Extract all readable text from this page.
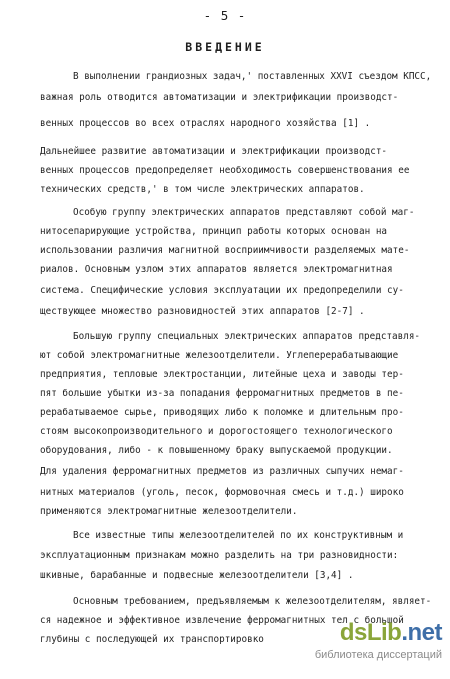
- 5 -
ВВЕДЕНИЕ
В выполнении грандиозных задач,' поставленных XXVI съездом КПСС,
важная роль отводится автоматизации и электрификации производст-
венных процессов во всех отраслях народного хозяйства [1] .
Дальнейшее развитие автоматизации и электрификации производст-
венных процессов предопределяет необходимость совершенствования ее
технических средств,' в том числе электрических аппаратов.
Особую группу электрических аппаратов представляют собой маг-
нитосепарирующие устройства, принцип работы которых основан на
использовании различия магнитной восприимчивости разделяемых мате-
риалов. Основным узлом этих аппаратов является электромагнитная
система. Специфические условия эксплуатации их предопределили су-
ществующее множество разновидностей этих аппаратов [2-7] .
Большую группу специальных электрических аппаратов представля-
ют собой электромагнитные железоотделители. Углеперерабатывающие
предприятия, тепловые электростанции, литейные цеха и заводы тер-
пят большие убытки из-за попадания ферромагнитных предметов в пе-
рерабатываемое сырье, приводящих либо к поломке и длительным про-
стоям высокопроизводительного и дорогостоящего технологического
оборудования, либо - к повышенному браку выпускаемой продукции.
Для удаления ферромагнитных предметов из различных сыпучих немаг-
нитных материалов (уголь, песок, формовочная смесь и т.д.) широко
применяются электромагнитные железоотделители.
Все известные типы железоотделителей по их конструктивным и
эксплуатационным признакам можно разделить на три разновидности:
шкивные, барабанные и подвесные железоотделители [3,4] .
Основным требованием, предъявляемым к железоотделителям, являет-
ся надежное и эффективное извлечение ферромагнитных тел с большой
глубины с последующей их транспортировко	dsLib.net
библиотека диссертаций
